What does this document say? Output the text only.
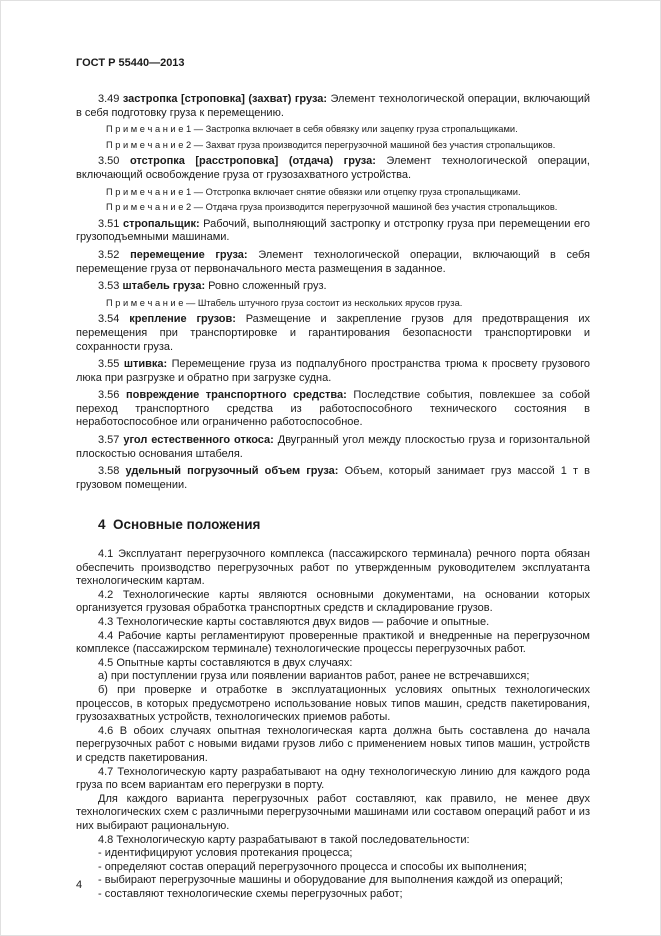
ГОСТ Р 55440—2013

3.49 застропка [строповка] (захват) груза: Элемент технологической операции, включающий в себя подготовку груза к перемещению.

П р и м е ч а н и е 1 — Застропка включает в себя обвязку или зацепку груза стропальщиками.

П р и м е ч а н и е 2 — Захват груза производится перегрузочной машиной без участия стропальщиков.

3.50 отстропка [расстроповка] (отдача) груза: Элемент технологической операции, включающий освобождение груза от грузозахватного устройства.

П р и м е ч а н и е 1 — Отстропка включает снятие обвязки или отцепку груза стропальщиками.

П р и м е ч а н и е 2 — Отдача груза производится перегрузочной машиной без участия стропальщиков.

3.51 стропальщик: Рабочий, выполняющий застропку и отстропку груза при перемещении его грузоподъемными машинами.

3.52 перемещение груза: Элемент технологической операции, включающий в себя перемещение груза от первоначального места размещения в заданное.

3.53 штабель груза: Ровно сложенный груз.

П р и м е ч а н и е — Штабель штучного груза состоит из нескольких ярусов груза.

3.54 крепление грузов: Размещение и закрепление грузов для предотвращения их перемещения при транспортировке и гарантирования безопасности транспортировки и сохранности груза.

3.55 штивка: Перемещение груза из подпалубного пространства трюма к просвету грузового люка при разгрузке и обратно при загрузке судна.

3.56 повреждение транспортного средства: Последствие события, повлекшее за собой переход транспортного средства из работоспособного технического состояния в неработоспособное или ограниченно работоспособное.

3.57 угол естественного откоса: Двугранный угол между плоскостью груза и горизонтальной плоскостью основания штабеля.

3.58 удельный погрузочный объем груза: Объем, который занимает груз массой 1 т в грузовом помещении.

4  Основные положения

4.1 Эксплуатант перегрузочного комплекса (пассажирского терминала) речного порта обязан обеспечить производство перегрузочных работ по утвержденным руководителем эксплуатанта технологическим картам.

4.2 Технологические карты являются основными документами, на основании которых организуется грузовая обработка транспортных средств и складирование грузов.

4.3 Технологические карты составляются двух видов — рабочие и опытные.

4.4 Рабочие карты регламентируют проверенные практикой и внедренные на перегрузочном комплексе (пассажирском терминале) технологические процессы перегрузочных работ.

4.5 Опытные карты составляются в двух случаях:

а) при поступлении груза или появлении вариантов работ, ранее не встречавшихся;

б) при проверке и отработке в эксплуатационных условиях опытных технологических процессов, в которых предусмотрено использование новых типов машин, средств пакетирования, грузозахватных устройств, технологических приемов работы.

4.6 В обоих случаях опытная технологическая карта должна быть составлена до начала перегрузочных работ с новыми видами грузов либо с применением новых типов машин, устройств и средств пакетирования.

4.7 Технологическую карту разрабатывают на одну технологическую линию для каждого рода груза по всем вариантам его перегрузки в порту.

Для каждого варианта перегрузочных работ составляют, как правило, не менее двух технологических схем с различными перегрузочными машинами или составом операций работ и из них выбирают рациональную.

4.8 Технологическую карту разрабатывают в такой последовательности:

- идентифицируют условия протекания процесса;

- определяют состав операций перегрузочного процесса и способы их выполнения;

- выбирают перегрузочные машины и оборудование для выполнения каждой из операций;

- составляют технологические схемы перегрузочных работ;

4
